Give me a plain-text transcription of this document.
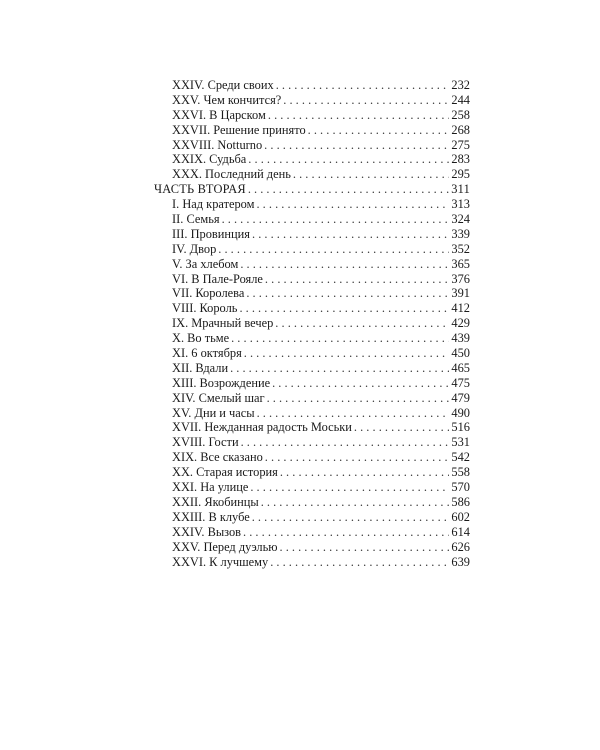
XXIV. Среди своих . . .	232
XXV. Чем кончится? . . .	244
XXVI. В Царском . . .	258
XXVII. Решение принято . . .	268
XXVIII. Notturno . . .	275
XXIX. Судьба . . .	283
XXX. Последний день . . .	295
ЧАСТЬ ВТОРАЯ . . .	311
I. Над кратером . . .	313
II. Семья . . .	324
III. Провинция . . .	339
IV. Двор . . .	352
V. За хлебом . . .	365
VI. В Пале-Рояле . . .	376
VII. Королева . . .	391
VIII. Король . . .	412
IX. Мрачный вечер . . .	429
X. Во тьме . . .	439
XI. 6 октября . . .	450
XII. Вдали . . .	465
XIII. Возрождение . . .	475
XIV. Смелый шаг . . .	479
XV. Дни и часы . . .	490
XVII. Нежданная радость Моськи . . .	516
XVIII. Гости . . .	531
XIX. Все сказано . . .	542
XX. Старая история . . .	558
XXI. На улице . . .	570
XXII. Якобинцы . . .	586
XXIII. В клубе . . .	602
XXIV. Вызов . . .	614
XXV. Перед дуэлью . . .	626
XXVI. К лучшему . . .	639
